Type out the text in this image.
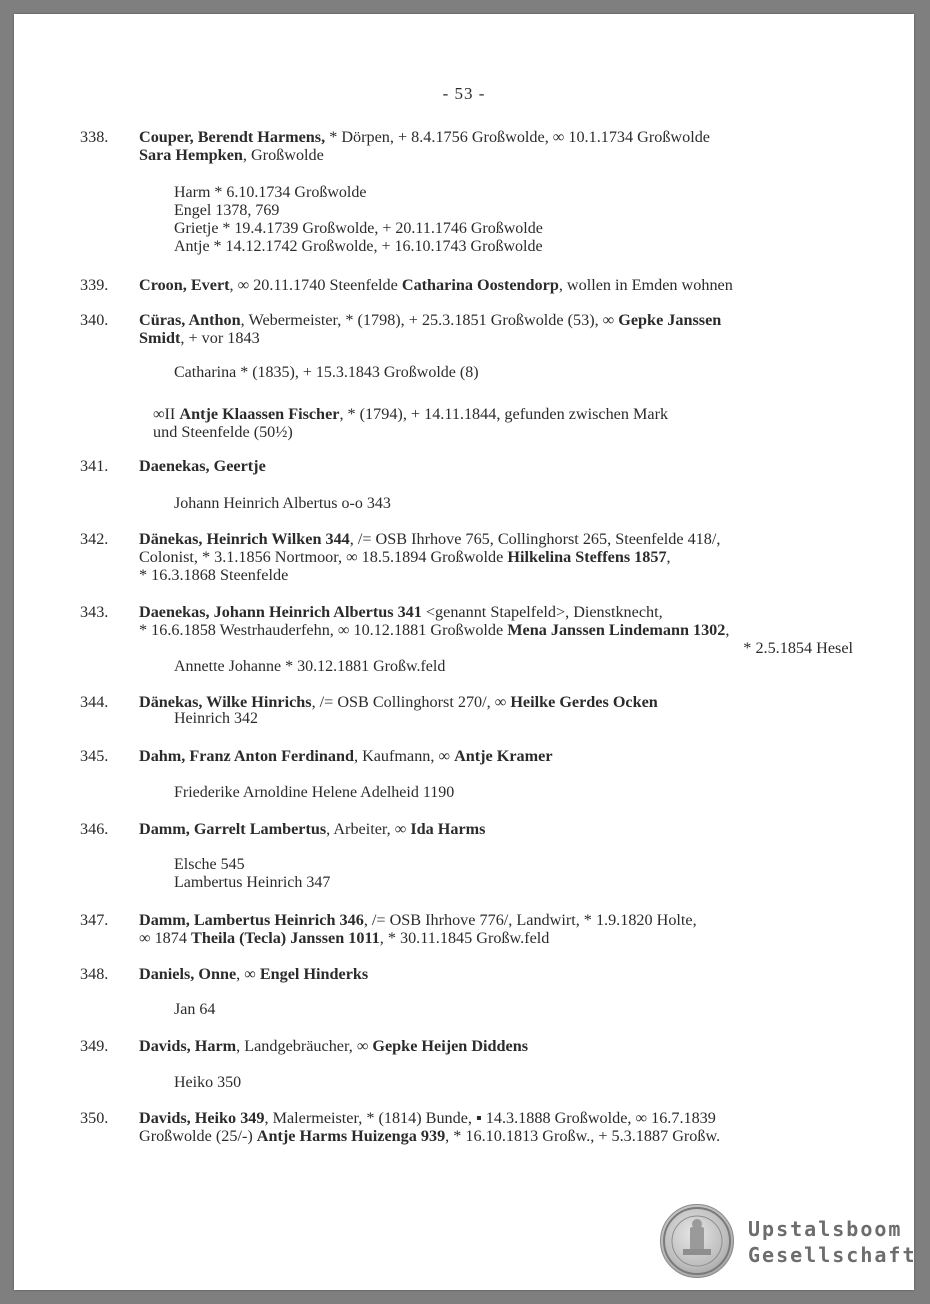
- 53 -
338. Couper, Berendt Harmens, * Dörpen, + 8.4.1756 Großwolde, ∞ 10.1.1734 Großwolde
Sara Hempken, Großwolde
Harm * 6.10.1734 Großwolde
Engel 1378, 769
Grietje * 19.4.1739 Großwolde, + 20.11.1746 Großwolde
Antje * 14.12.1742 Großwolde, + 16.10.1743 Großwolde
339. Croon, Evert, ∞ 20.11.1740 Steenfelde Catharina Oostendorp, wollen in Emden wohnen
340. Cüras, Anthon, Webermeister, * (1798), + 25.3.1851 Großwolde (53), ∞ Gepke Janssen
Smidt, + vor 1843
Catharina * (1835), + 15.3.1843 Großwolde (8)
∞II Antje Klaassen Fischer, * (1794), + 14.11.1844, gefunden zwischen Mark
und Steenfelde (50½)
341. Daenekas, Geertje
Johann Heinrich Albertus o-o 343
342. Dänekas, Heinrich Wilken 344, /= OSB Ihrhove 765, Collinghorst 265, Steenfelde 418/,
Colonist, * 3.1.1856 Nortmoor, ∞ 18.5.1894 Großwolde Hilkelina Steffens 1857,
* 16.3.1868 Steenfelde
343. Daenekas, Johann Heinrich Albertus 341 <genannt Stapelfeld>, Dienstknecht,
* 16.6.1858 Westrhauderfehn, ∞ 10.12.1881 Großwolde Mena Janssen Lindemann 1302,
* 2.5.1854 Hesel
Annette Johanne * 30.12.1881 Großw.feld
344. Dänekas, Wilke Hinrichs, /= OSB Collinghorst 270/, ∞ Heilke Gerdes Ocken
Heinrich 342
345. Dahm, Franz Anton Ferdinand, Kaufmann, ∞ Antje Kramer
Friederike Arnoldine Helene Adelheid 1190
346. Damm, Garrelt Lambertus, Arbeiter, ∞ Ida Harms
Elsche 545
Lambertus Heinrich 347
347. Damm, Lambertus Heinrich 346, /= OSB Ihrhove 776/, Landwirt, * 1.9.1820 Holte,
∞ 1874 Theila (Tecla) Janssen 1011, * 30.11.1845 Großw.feld
348. Daniels, Onne, ∞ Engel Hinderks
Jan 64
349. Davids, Harm, Landgebräucher, ∞ Gepke Heijen Diddens
Heiko 350
350. Davids, Heiko 349, Malermeister, * (1814) Bunde, ▪ 14.3.1888 Großwolde, ∞ 16.7.1839
Großwolde (25/-) Antje Harms Huizenga 939, * 16.10.1813 Großw., + 5.3.1887 Großw.
Upstalsboom
Gesellschaft
